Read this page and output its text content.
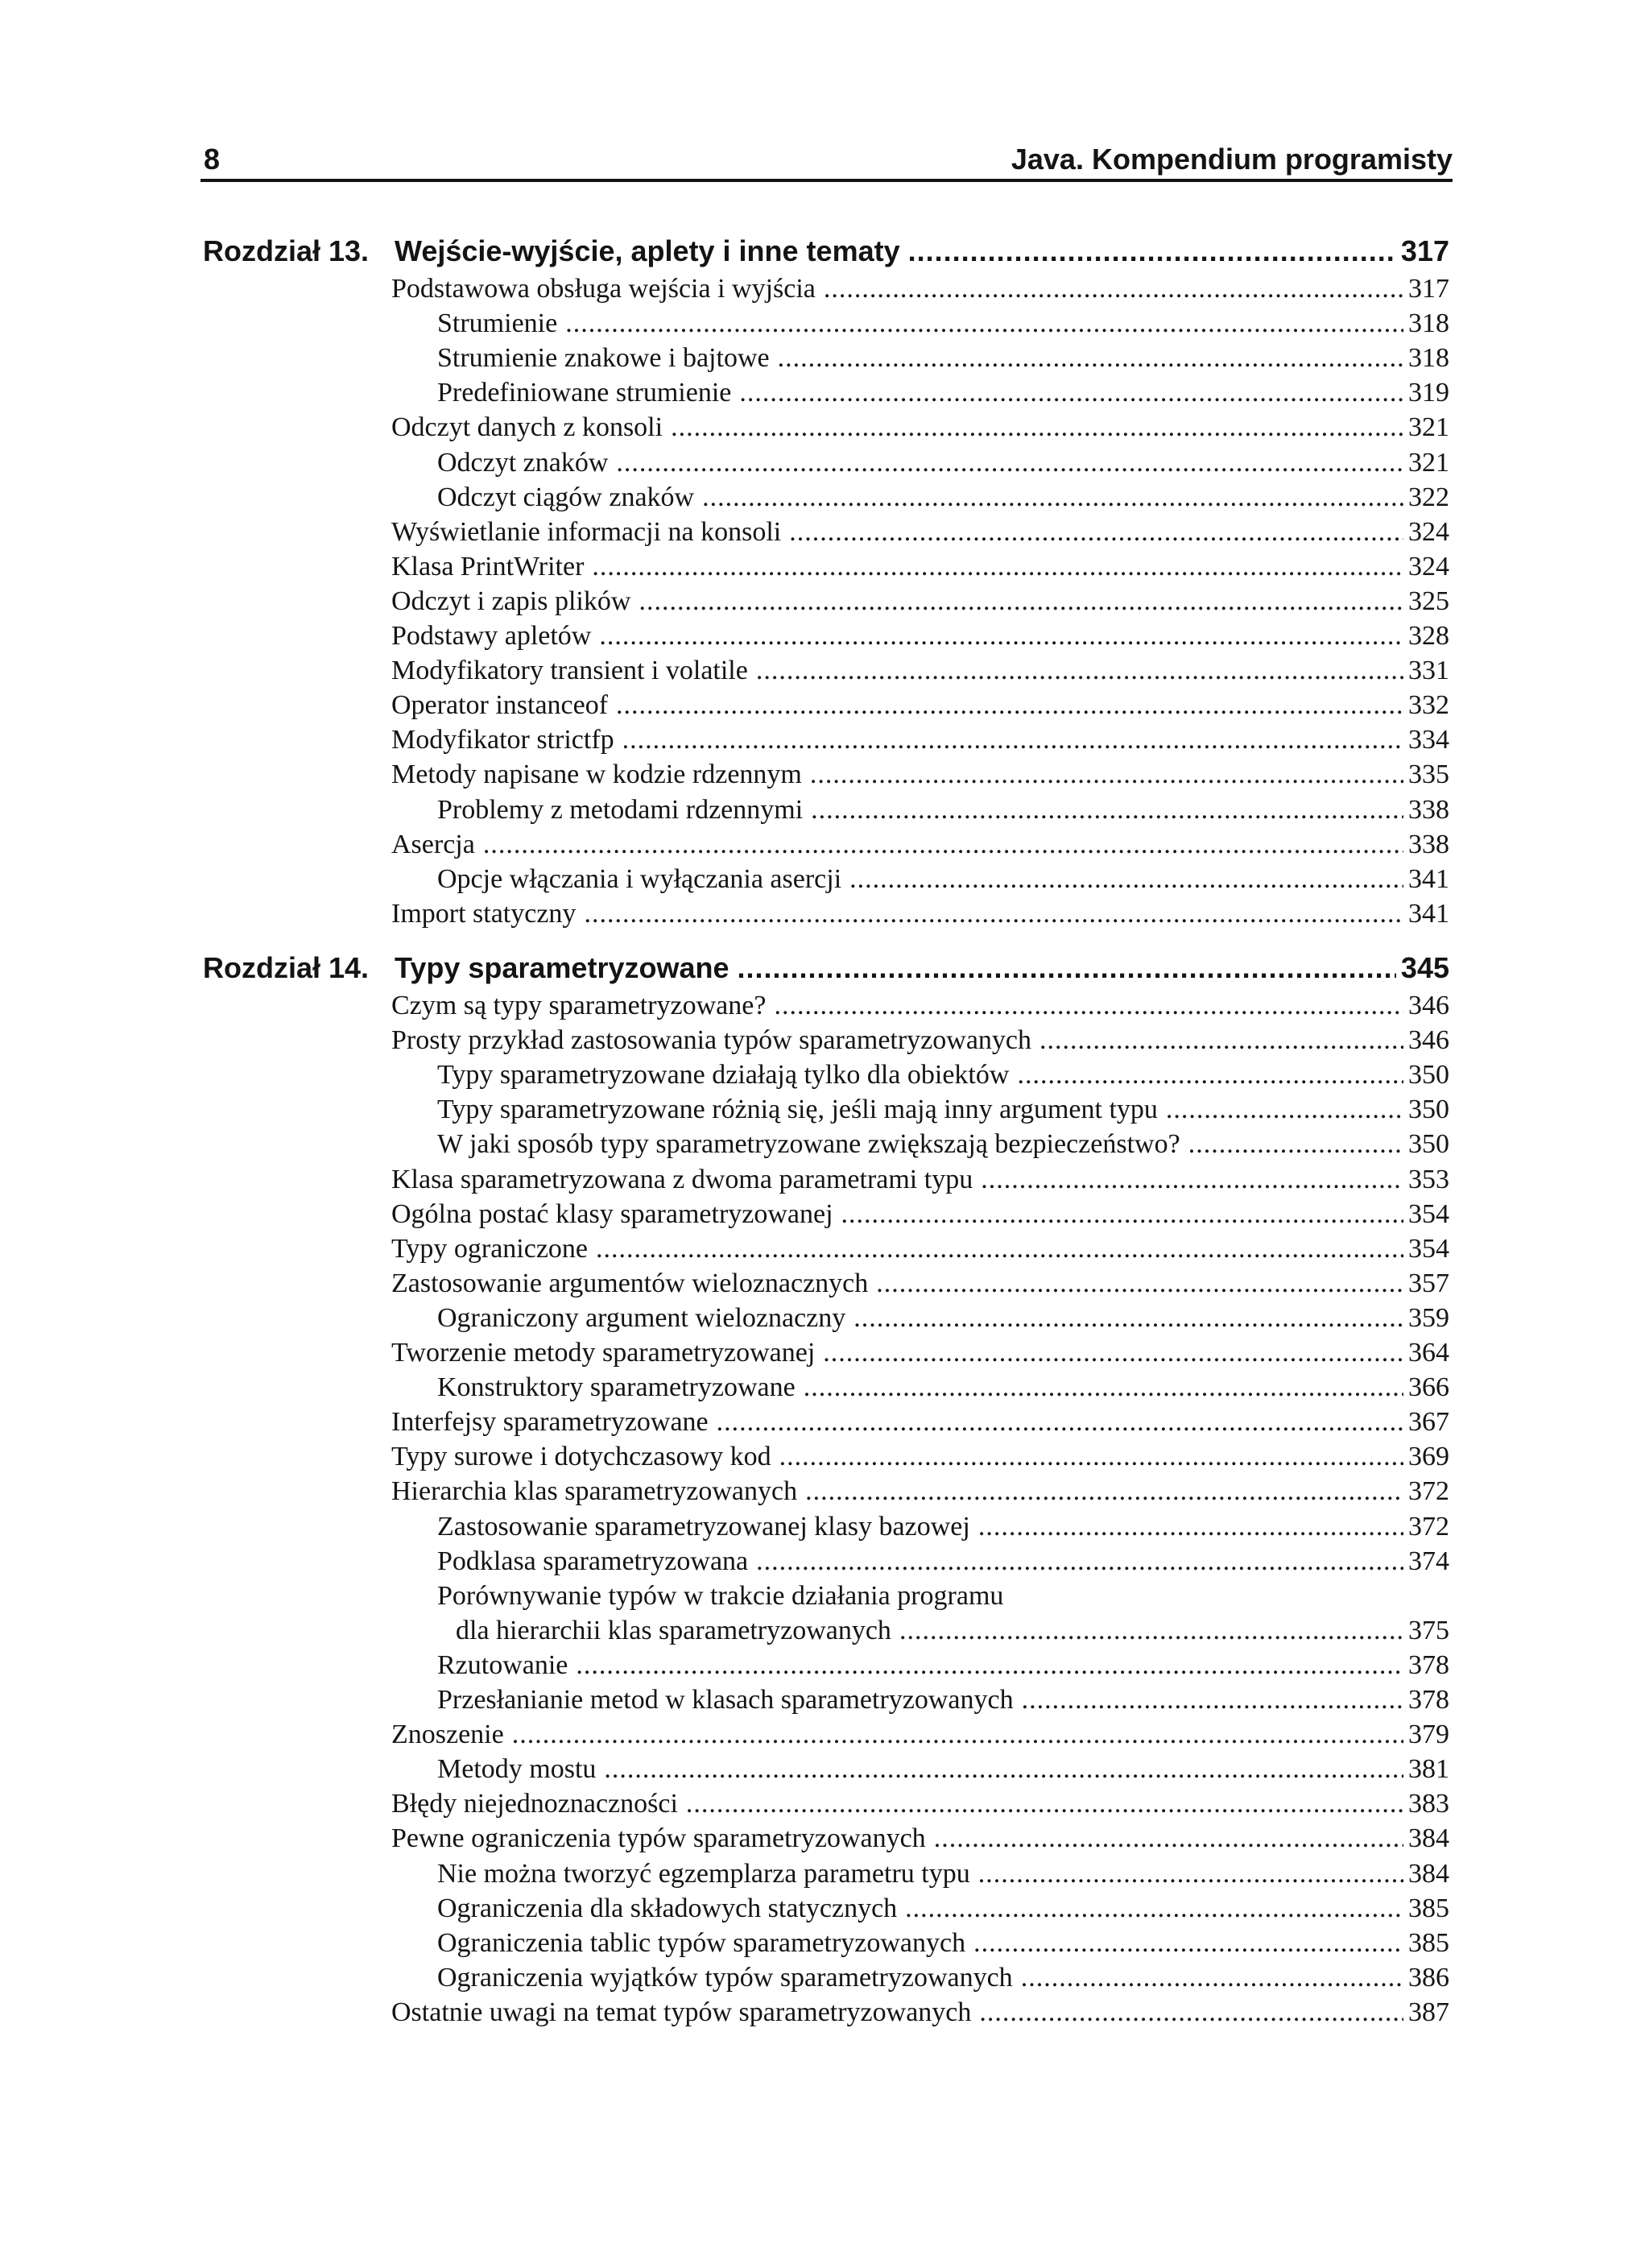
8	Java. Kompendium programisty
Rozdział 13. Wejście-wyjście, aplety i inne tematy .....	317
Podstawowa obsługa wejścia i wyjścia .....	317
Strumienie .....	318
Strumienie znakowe i bajtowe .....	318
Predefiniowane strumienie .....	319
Odczyt danych z konsoli .....	321
Odczyt znaków .....	321
Odczyt ciągów znaków .....	322
Wyświetlanie informacji na konsoli .....	324
Klasa PrintWriter .....	324
Odczyt i zapis plików .....	325
Podstawy apletów .....	328
Modyfikatory transient i volatile .....	331
Operator instanceof .....	332
Modyfikator strictfp .....	334
Metody napisane w kodzie rdzennym .....	335
Problemy z metodami rdzennymi .....	338
Asercja .....	338
Opcje włączania i wyłączania asercji .....	341
Import statyczny .....	341
Rozdział 14. Typy sparametryzowane .....	345
Czym są typy sparametryzowane? .....	346
Prosty przykład zastosowania typów sparametryzowanych .....	346
Typy sparametryzowane działają tylko dla obiektów .....	350
Typy sparametryzowane różnią się, jeśli mają inny argument typu .....	350
W jaki sposób typy sparametryzowane zwiększają bezpieczeństwo? .....	350
Klasa sparametryzowana z dwoma parametrami typu .....	353
Ogólna postać klasy sparametryzowanej .....	354
Typy ograniczone .....	354
Zastosowanie argumentów wieloznacznych .....	357
Ograniczony argument wieloznaczny .....	359
Tworzenie metody sparametryzowanej .....	364
Konstruktory sparametryzowane .....	366
Interfejsy sparametryzowane .....	367
Typy surowe i dotychczasowy kod .....	369
Hierarchia klas sparametryzowanych .....	372
Zastosowanie sparametryzowanej klasy bazowej .....	372
Podklasa sparametryzowana .....	374
Porównywanie typów w trakcie działania programu
dla hierarchii klas sparametryzowanych .....	375
Rzutowanie .....	378
Przesłanianie metod w klasach sparametryzowanych .....	378
Znoszenie .....	379
Metody mostu .....	381
Błędy niejednoznaczności .....	383
Pewne ograniczenia typów sparametryzowanych .....	384
Nie można tworzyć egzemplarza parametru typu .....	384
Ograniczenia dla składowych statycznych .....	385
Ograniczenia tablic typów sparametryzowanych .....	385
Ograniczenia wyjątków typów sparametryzowanych .....	386
Ostatnie uwagi na temat typów sparametryzowanych .....	387
